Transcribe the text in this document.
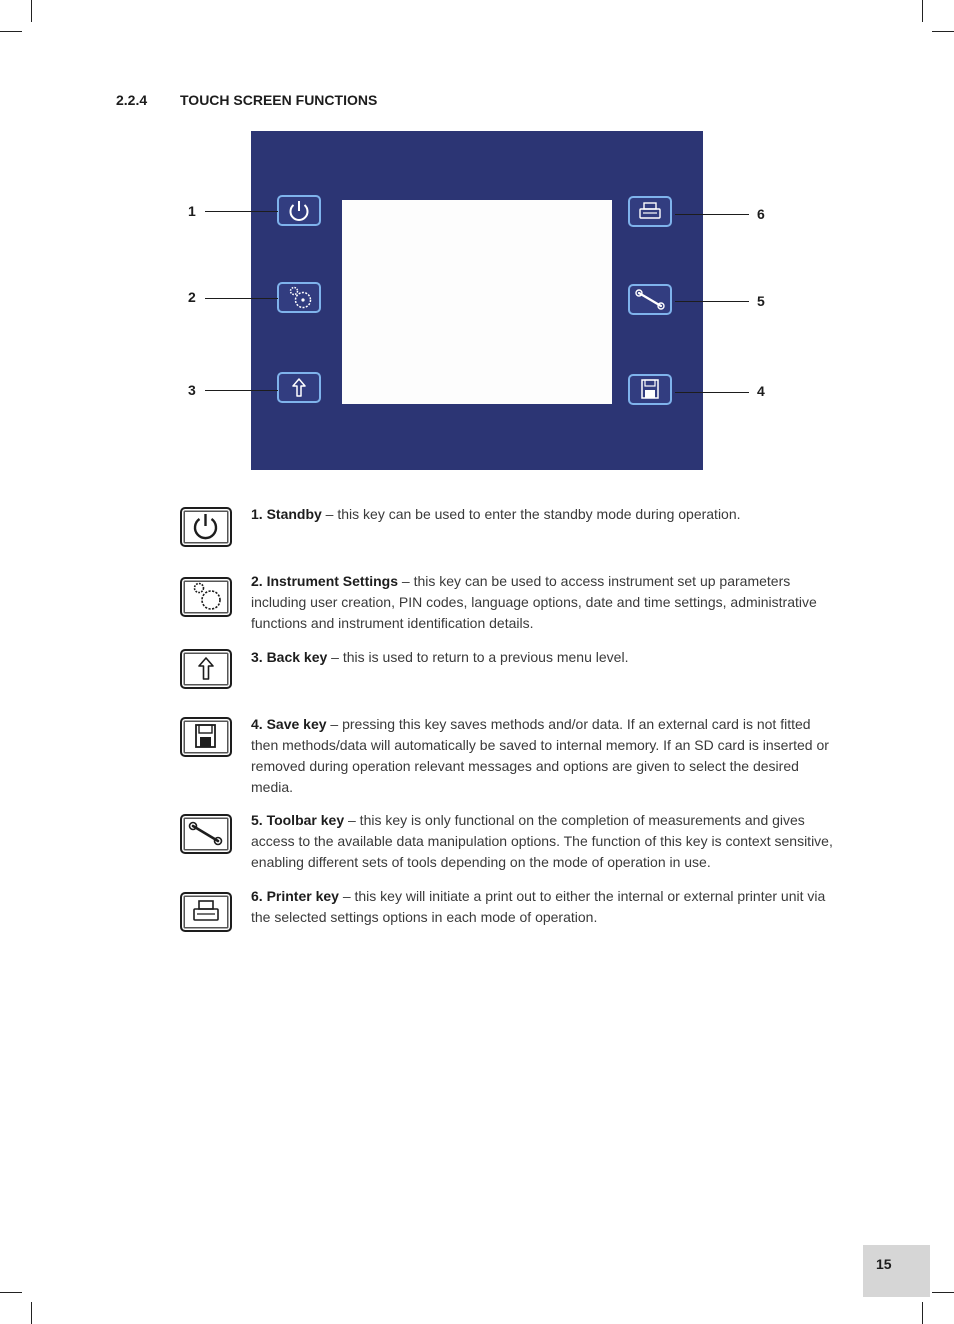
2.2.4 TOUCH SCREEN FUNCTIONS
1
2
3
6
5
4
1. Standby – this key can be used to enter the standby mode during operation.
2. Instrument Settings – this key can be used to access instrument set up parameters including user creation, PIN codes, language options, date and time settings, administrative functions and instrument identification details.
3. Back key – this is used to return to a previous menu level.
4. Save key – pressing this key saves methods and/or data. If an external card is not fitted then methods/data will automatically be saved to internal memory. If an SD card is inserted or removed during operation relevant messages and options are given to select the desired media.
5. Toolbar key – this key is only functional on the completion of measurements and gives access to the available data manipulation options. The function of this key is context sensitive, enabling different sets of tools depending on the mode of operation in use.
6. Printer key – this key will initiate a print out to either the internal or external printer unit via the selected settings options in each mode of operation.
15
